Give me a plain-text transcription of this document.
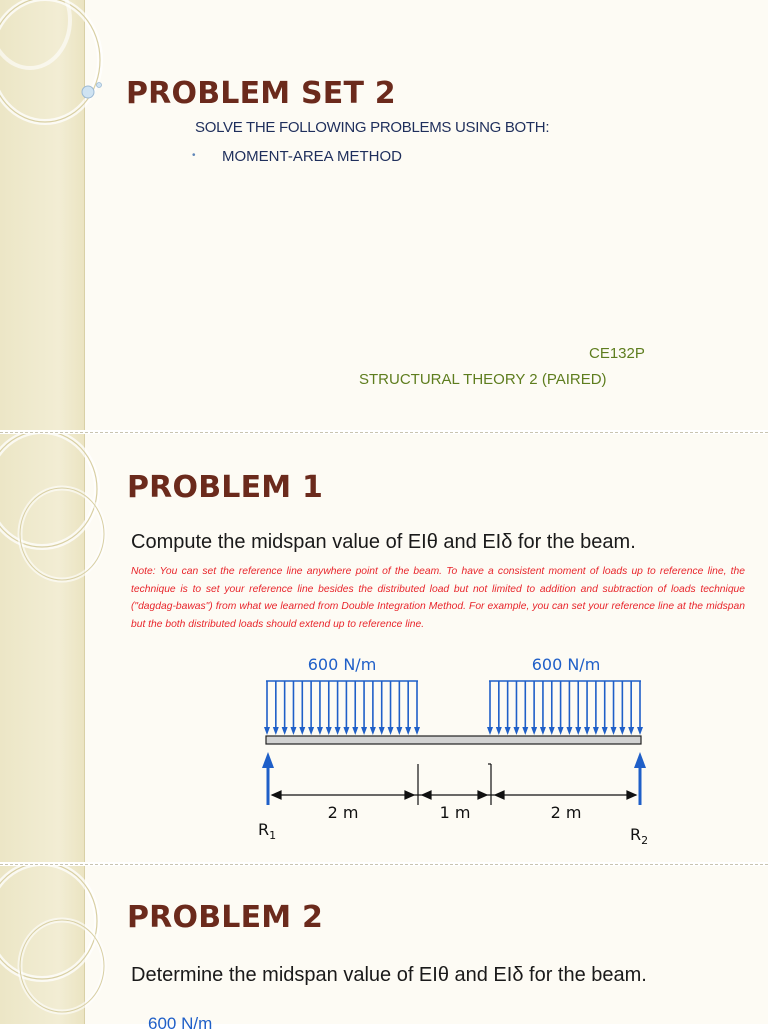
PROBLEM SET 2
SOLVE THE FOLLOWING PROBLEMS USING BOTH:
• MOMENT-AREA METHOD
CE132P
STRUCTURAL THEORY 2 (PAIRED)
PROBLEM 1
Compute the midspan value of EIθ and EIδ for the beam.
Note: You can set the reference line anywhere point of the beam. To have a consistent moment of loads up to reference line, the technique is to set your reference line besides the distributed load but not limited to addition and subtraction of loads technique ("dagdag-bawas") from what we learned from Double Integration Method. For example, you can set your reference line at the midspan but the both distributed loads should extend up to reference line.
600 N/m	600 N/m
2 m	1 m	2 m
$R_1$	$R_2$
PROBLEM 2
Determine the midspan value of EIθ and EIδ for the beam.
600 N/m
